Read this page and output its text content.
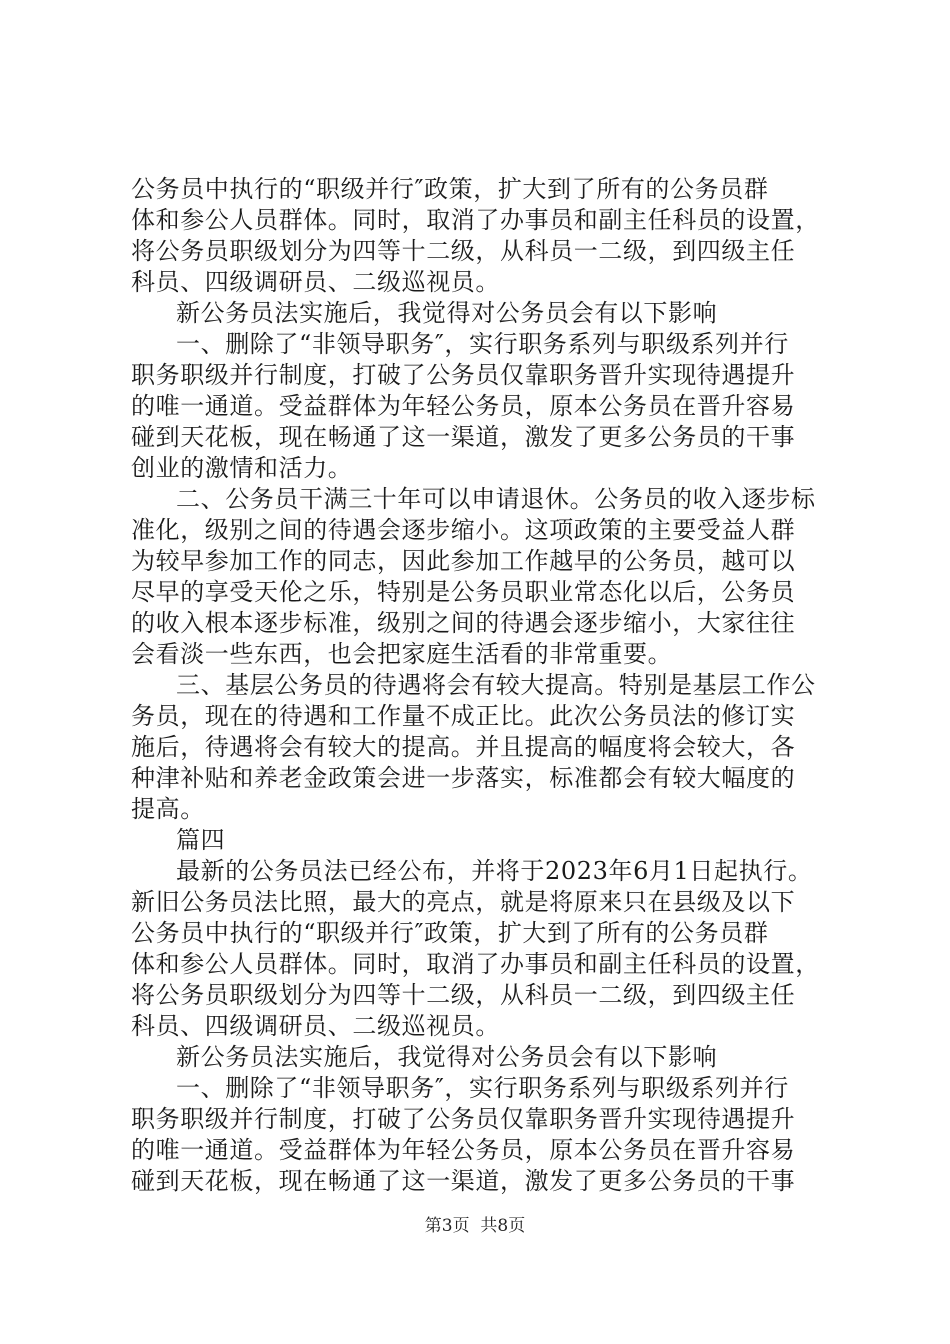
公务员中执行的“职级并行″政策，扩大到了所有的公务员群
体和参公人员群体。同时，取消了办事员和副主任科员的设置，
将公务员职级划分为四等十二级，从科员一二级，到四级主任
科员、四级调研员、二级巡视员。
新公务员法实施后，我觉得对公务员会有以下影响
一、删除了“非领导职务″，实行职务系列与职级系列并行
职务职级并行制度，打破了公务员仅靠职务晋升实现待遇提升
的唯一通道。受益群体为年轻公务员，原本公务员在晋升容易
碰到天花板，现在畅通了这一渠道，激发了更多公务员的干事
创业的激情和活力。
二、公务员干满三十年可以申请退休。公务员的收入逐步标
准化，级别之间的待遇会逐步缩小。这项政策的主要受益人群
为较早参加工作的同志，因此参加工作越早的公务员，越可以
尽早的享受天伦之乐，特别是公务员职业常态化以后，公务员
的收入根本逐步标准，级别之间的待遇会逐步缩小，大家往往
会看淡一些东西，也会把家庭生活看的非常重要。
三、基层公务员的待遇将会有较大提高。特别是基层工作公
务员，现在的待遇和工作量不成正比。此次公务员法的修订实
施后，待遇将会有较大的提高。并且提高的幅度将会较大，各
种津补贴和养老金政策会进一步落实，标准都会有较大幅度的
提高。
篇四
最新的公务员法已经公布，并将于2023年6月1日起执行。
新旧公务员法比照，最大的亮点，就是将原来只在县级及以下
公务员中执行的“职级并行″政策，扩大到了所有的公务员群
体和参公人员群体。同时，取消了办事员和副主任科员的设置，
将公务员职级划分为四等十二级，从科员一二级，到四级主任
科员、四级调研员、二级巡视员。
新公务员法实施后，我觉得对公务员会有以下影响
一、删除了“非领导职务″，实行职务系列与职级系列并行
职务职级并行制度，打破了公务员仅靠职务晋升实现待遇提升
的唯一通道。受益群体为年轻公务员，原本公务员在晋升容易
碰到天花板，现在畅通了这一渠道，激发了更多公务员的干事
第3页  共8页
